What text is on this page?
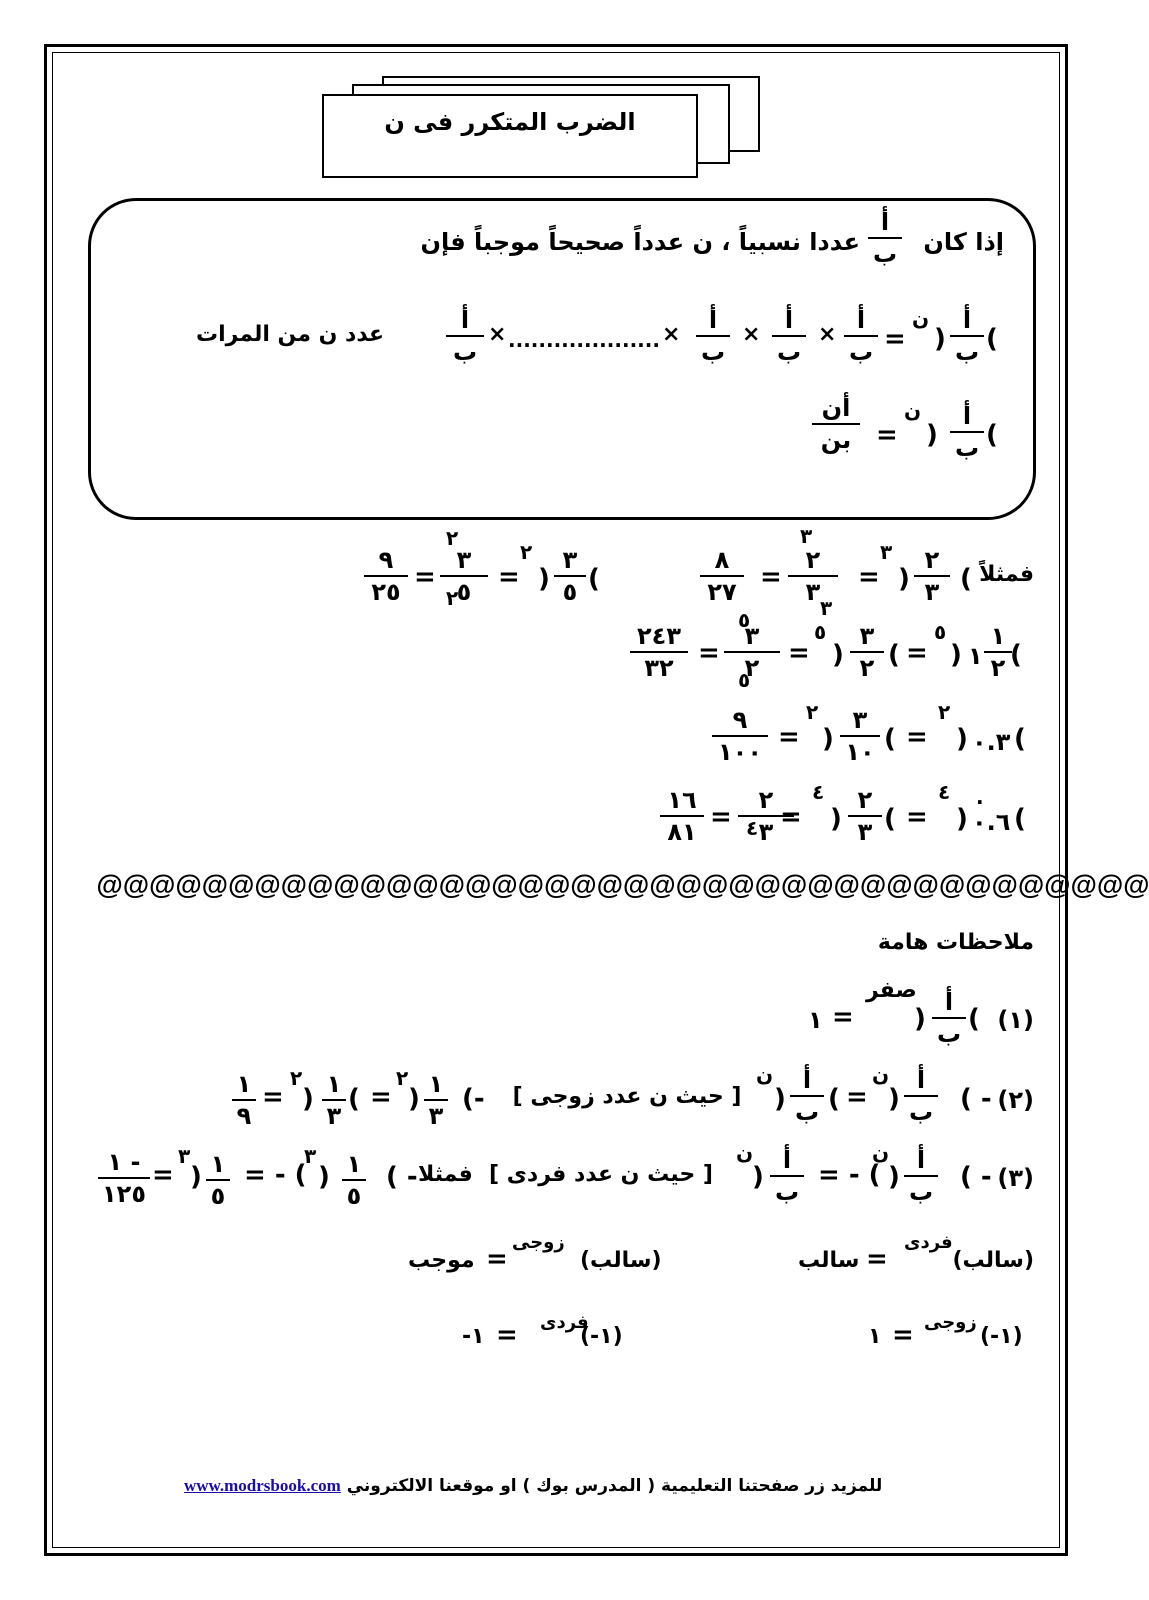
الضرب المتكرر فى ن
إذا كان
أ
ب
عددا نسبياً ، ن عدداً صحيحاً موجباً فإن
(
أ
ب
)
ن
=
أ
ب
×
أ
ب
×
أ
ب
×
....................
×
أ
ب
عدد ن من المرات
(
أ
ب
)
ن
=
أن
بن
فمثلاً
(
٢
٣
)
٣
=
٢
٣
٣
٣
=
٨
٢٧
(
٣
٥
)
٢
=
٣
٥
٢
٢
=
٩
٢٥
(
١
٢
١
)
٥
=
(
٣
٢
)
٥
=
٣
٢
٥
٥
=
٢٤٣
٣٢
(
٠.٣
)
٢
=
(
٣
١٠
)
٢
=
٩
١٠٠
(
٠.٦
·
)
٤
=
(
٢
٣
)
٤
=
٢
٣
٤
=
١٦
٨١
@@@@@@@@@@@@@@@@@@@@@@@@@@@@@@@@@@@@@@@@
ملاحظات هامة
(١)
(
أ
ب
)
صفر
=
١
(٢)
( -
أ
ب
)
ن
=
(
أ
ب
)
ن
[ حيث ن عدد زوجى ]
(-
١
٣
)
٢
=
(
١
٣
)
٢
=
١
٩
(٣)
( -
أ
ب
)
ن
= - (
أ
ب
)
ن
[ حيث ن عدد فردى ]
فمثلا
( -
١
٥
)
٣
= - (
١
٥
)
٣
=
١ -
١٢٥
(سالب)
فردى
=
سالب
(سالب)
زوجى
=
موجب
(-١)
زوجى
=
١
(-١)
فردى
=
-١
www.modrsbook.com للمزيد زر صفحتنا التعليمية ( المدرس بوك ) او موقعنا الالكتروني
